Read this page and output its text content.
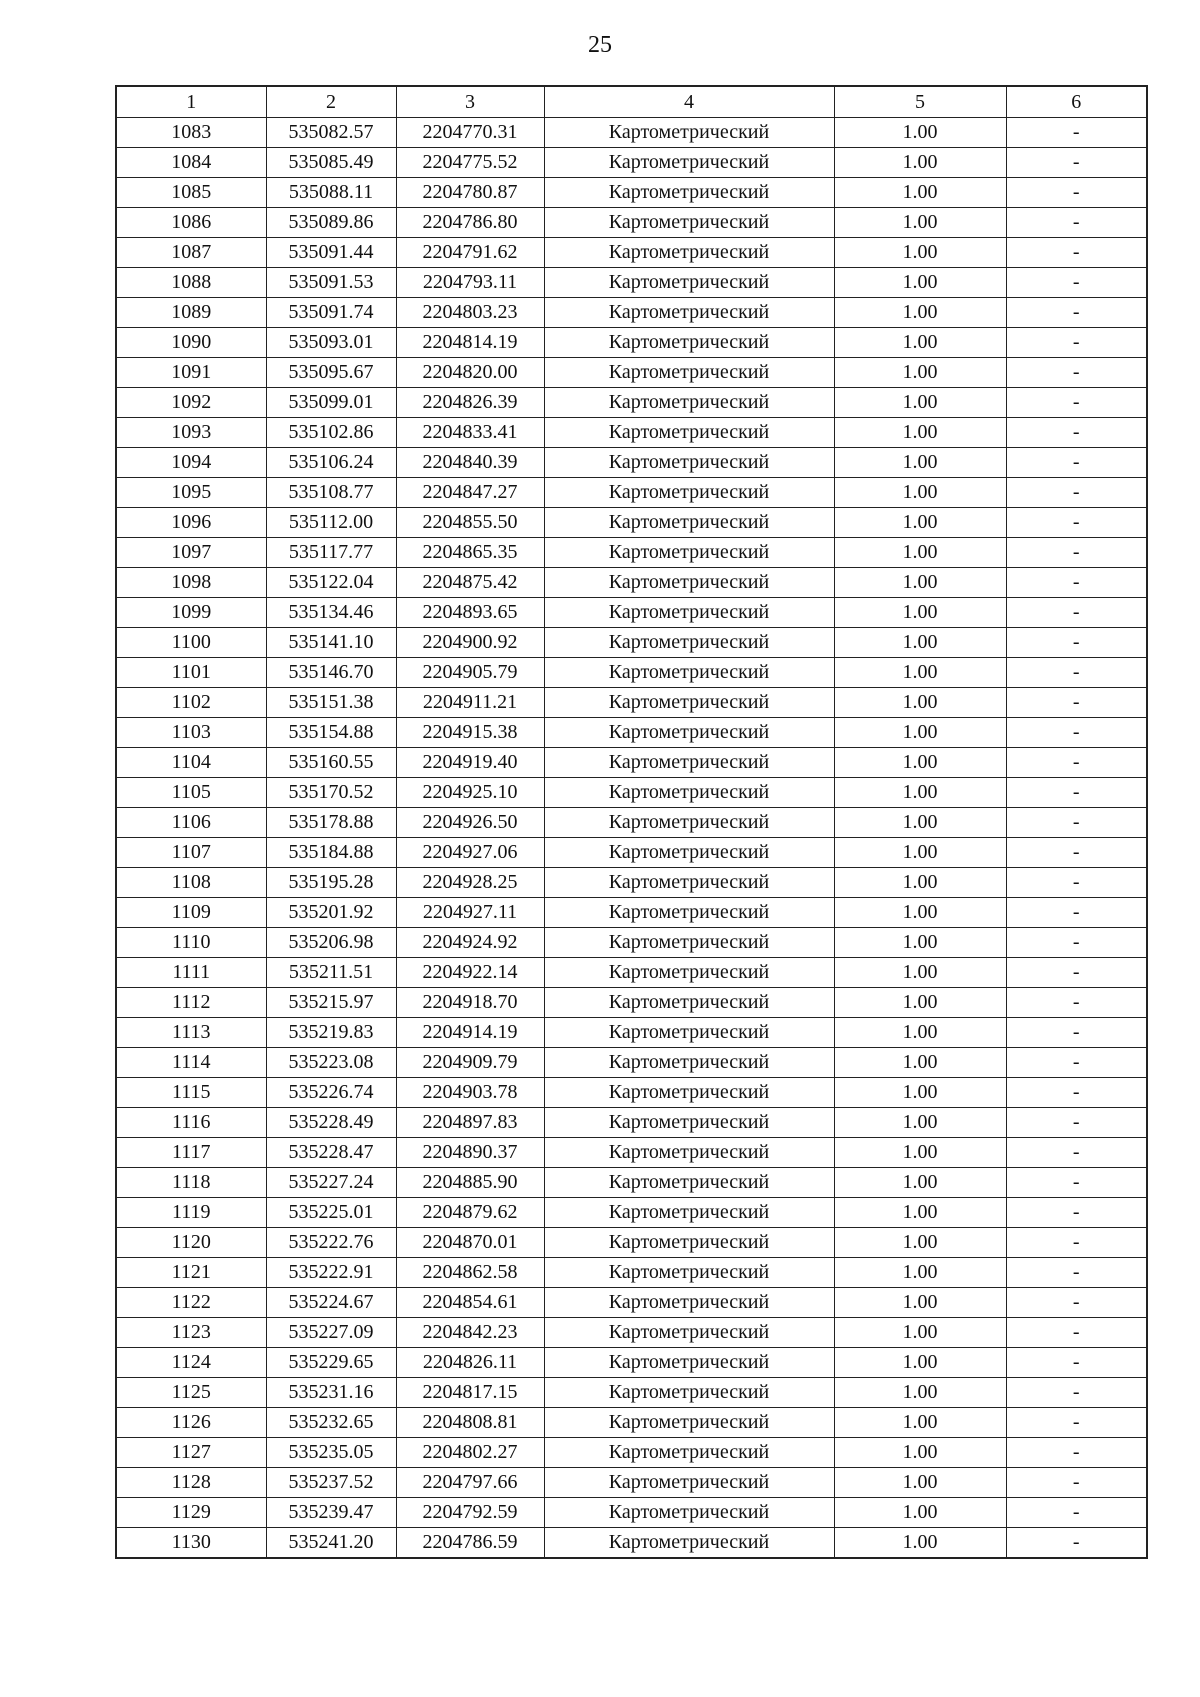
25
1	2	3	4	5	6
1083	535082.57	2204770.31	Картометрический	1.00	-
1084	535085.49	2204775.52	Картометрический	1.00	-
1085	535088.11	2204780.87	Картометрический	1.00	-
1086	535089.86	2204786.80	Картометрический	1.00	-
1087	535091.44	2204791.62	Картометрический	1.00	-
1088	535091.53	2204793.11	Картометрический	1.00	-
1089	535091.74	2204803.23	Картометрический	1.00	-
1090	535093.01	2204814.19	Картометрический	1.00	-
1091	535095.67	2204820.00	Картометрический	1.00	-
1092	535099.01	2204826.39	Картометрический	1.00	-
1093	535102.86	2204833.41	Картометрический	1.00	-
1094	535106.24	2204840.39	Картометрический	1.00	-
1095	535108.77	2204847.27	Картометрический	1.00	-
1096	535112.00	2204855.50	Картометрический	1.00	-
1097	535117.77	2204865.35	Картометрический	1.00	-
1098	535122.04	2204875.42	Картометрический	1.00	-
1099	535134.46	2204893.65	Картометрический	1.00	-
1100	535141.10	2204900.92	Картометрический	1.00	-
1101	535146.70	2204905.79	Картометрический	1.00	-
1102	535151.38	2204911.21	Картометрический	1.00	-
1103	535154.88	2204915.38	Картометрический	1.00	-
1104	535160.55	2204919.40	Картометрический	1.00	-
1105	535170.52	2204925.10	Картометрический	1.00	-
1106	535178.88	2204926.50	Картометрический	1.00	-
1107	535184.88	2204927.06	Картометрический	1.00	-
1108	535195.28	2204928.25	Картометрический	1.00	-
1109	535201.92	2204927.11	Картометрический	1.00	-
1110	535206.98	2204924.92	Картометрический	1.00	-
1111	535211.51	2204922.14	Картометрический	1.00	-
1112	535215.97	2204918.70	Картометрический	1.00	-
1113	535219.83	2204914.19	Картометрический	1.00	-
1114	535223.08	2204909.79	Картометрический	1.00	-
1115	535226.74	2204903.78	Картометрический	1.00	-
1116	535228.49	2204897.83	Картометрический	1.00	-
1117	535228.47	2204890.37	Картометрический	1.00	-
1118	535227.24	2204885.90	Картометрический	1.00	-
1119	535225.01	2204879.62	Картометрический	1.00	-
1120	535222.76	2204870.01	Картометрический	1.00	-
1121	535222.91	2204862.58	Картометрический	1.00	-
1122	535224.67	2204854.61	Картометрический	1.00	-
1123	535227.09	2204842.23	Картометрический	1.00	-
1124	535229.65	2204826.11	Картометрический	1.00	-
1125	535231.16	2204817.15	Картометрический	1.00	-
1126	535232.65	2204808.81	Картометрический	1.00	-
1127	535235.05	2204802.27	Картометрический	1.00	-
1128	535237.52	2204797.66	Картометрический	1.00	-
1129	535239.47	2204792.59	Картометрический	1.00	-
1130	535241.20	2204786.59	Картометрический	1.00	-
